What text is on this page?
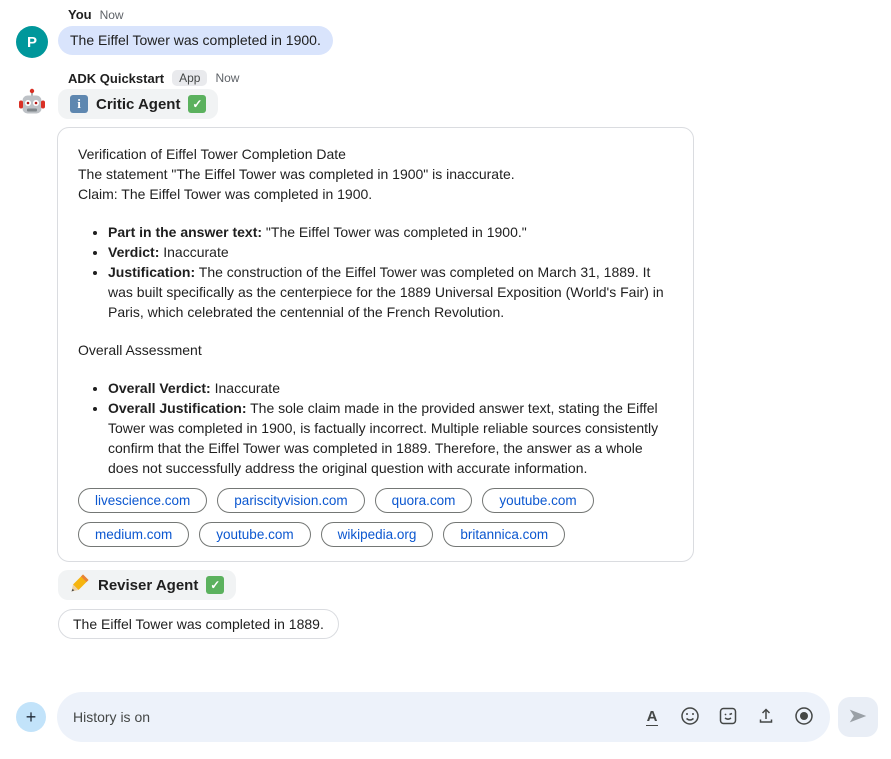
You Now
P	The Eiffel Tower was completed in 1900.
ADK Quickstart	App	Now
i	Critic Agent ✓
Verification of Eiffel Tower Completion Date
The statement "The Eiffel Tower was completed in 1900" is inaccurate.
Claim: The Eiffel Tower was completed in 1900.
• Part in the answer text: "The Eiffel Tower was completed in 1900."
• Verdict: Inaccurate
• Justification: The construction of the Eiffel Tower was completed on March 31, 1889. It was built specifically as the centerpiece for the 1889 Universal Exposition (World's Fair) in Paris, which celebrated the centennial of the French Revolution.
Overall Assessment
• Overall Verdict: Inaccurate
• Overall Justification: The sole claim made in the provided answer text, stating the Eiffel Tower was completed in 1900, is factually incorrect. Multiple reliable sources consistently confirm that the Eiffel Tower was completed in 1889. Therefore, the answer as a whole does not successfully address the original question with accurate information.
livescience.com	pariscityvision.com	quora.com	youtube.com
medium.com	youtube.com	wikipedia.org	britannica.com
Reviser Agent ✓
The Eiffel Tower was completed in 1889.
+
History is on	A
